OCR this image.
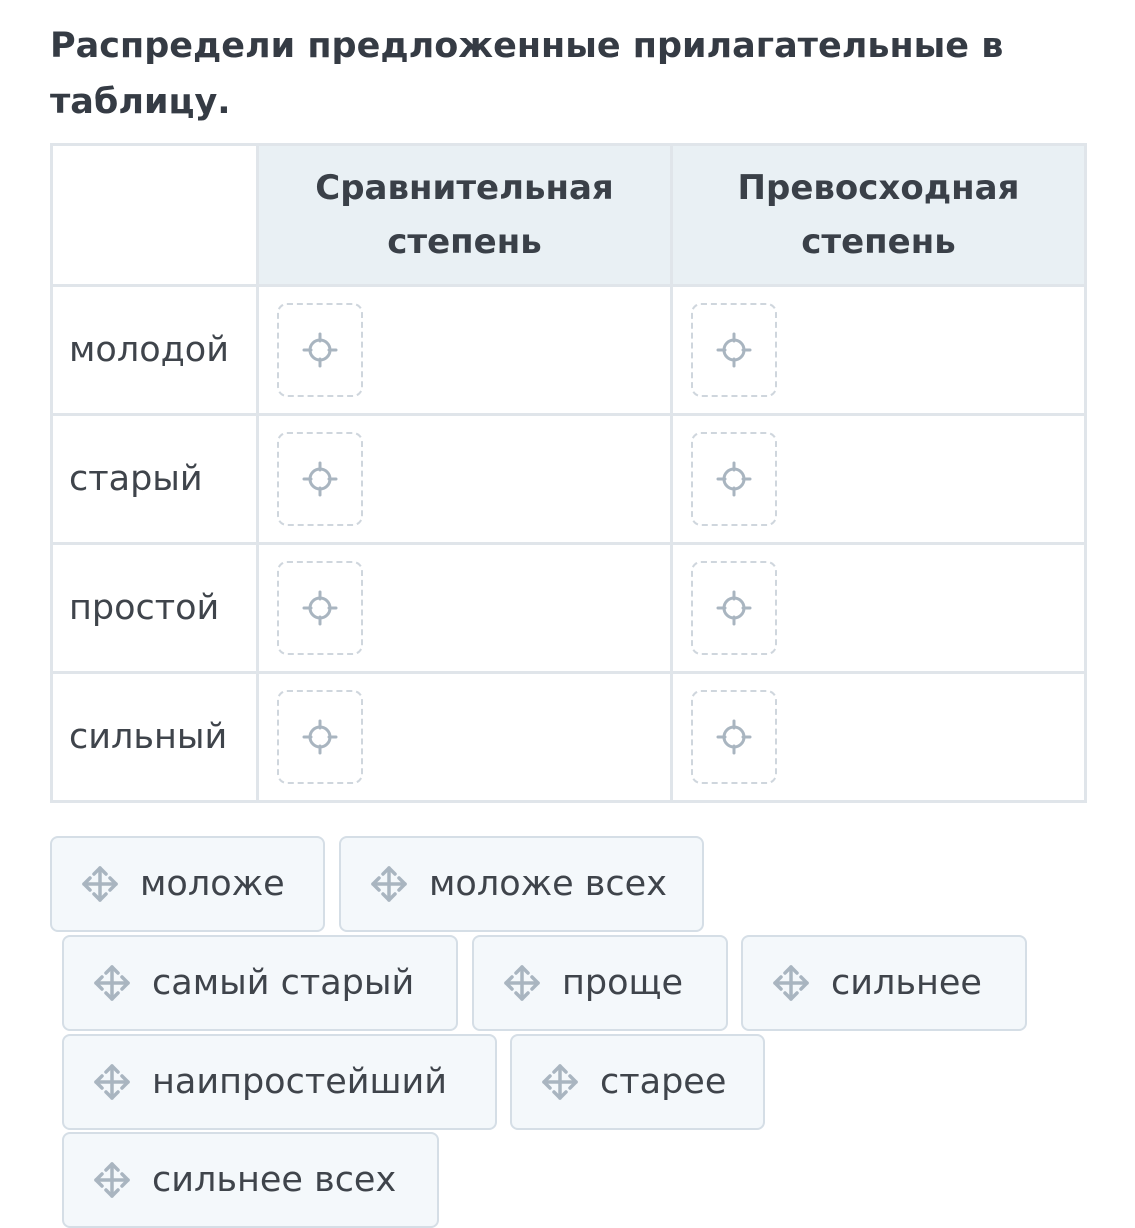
Распредели предложенные прилагательные в таблицу.
	Сравнительная степень	Превосходная степень
молодой	

старый	

простой	

сильный	

моложе	моложе всех
самый старый	проще	сильнее
наипростейший	старее
сильнее всех
